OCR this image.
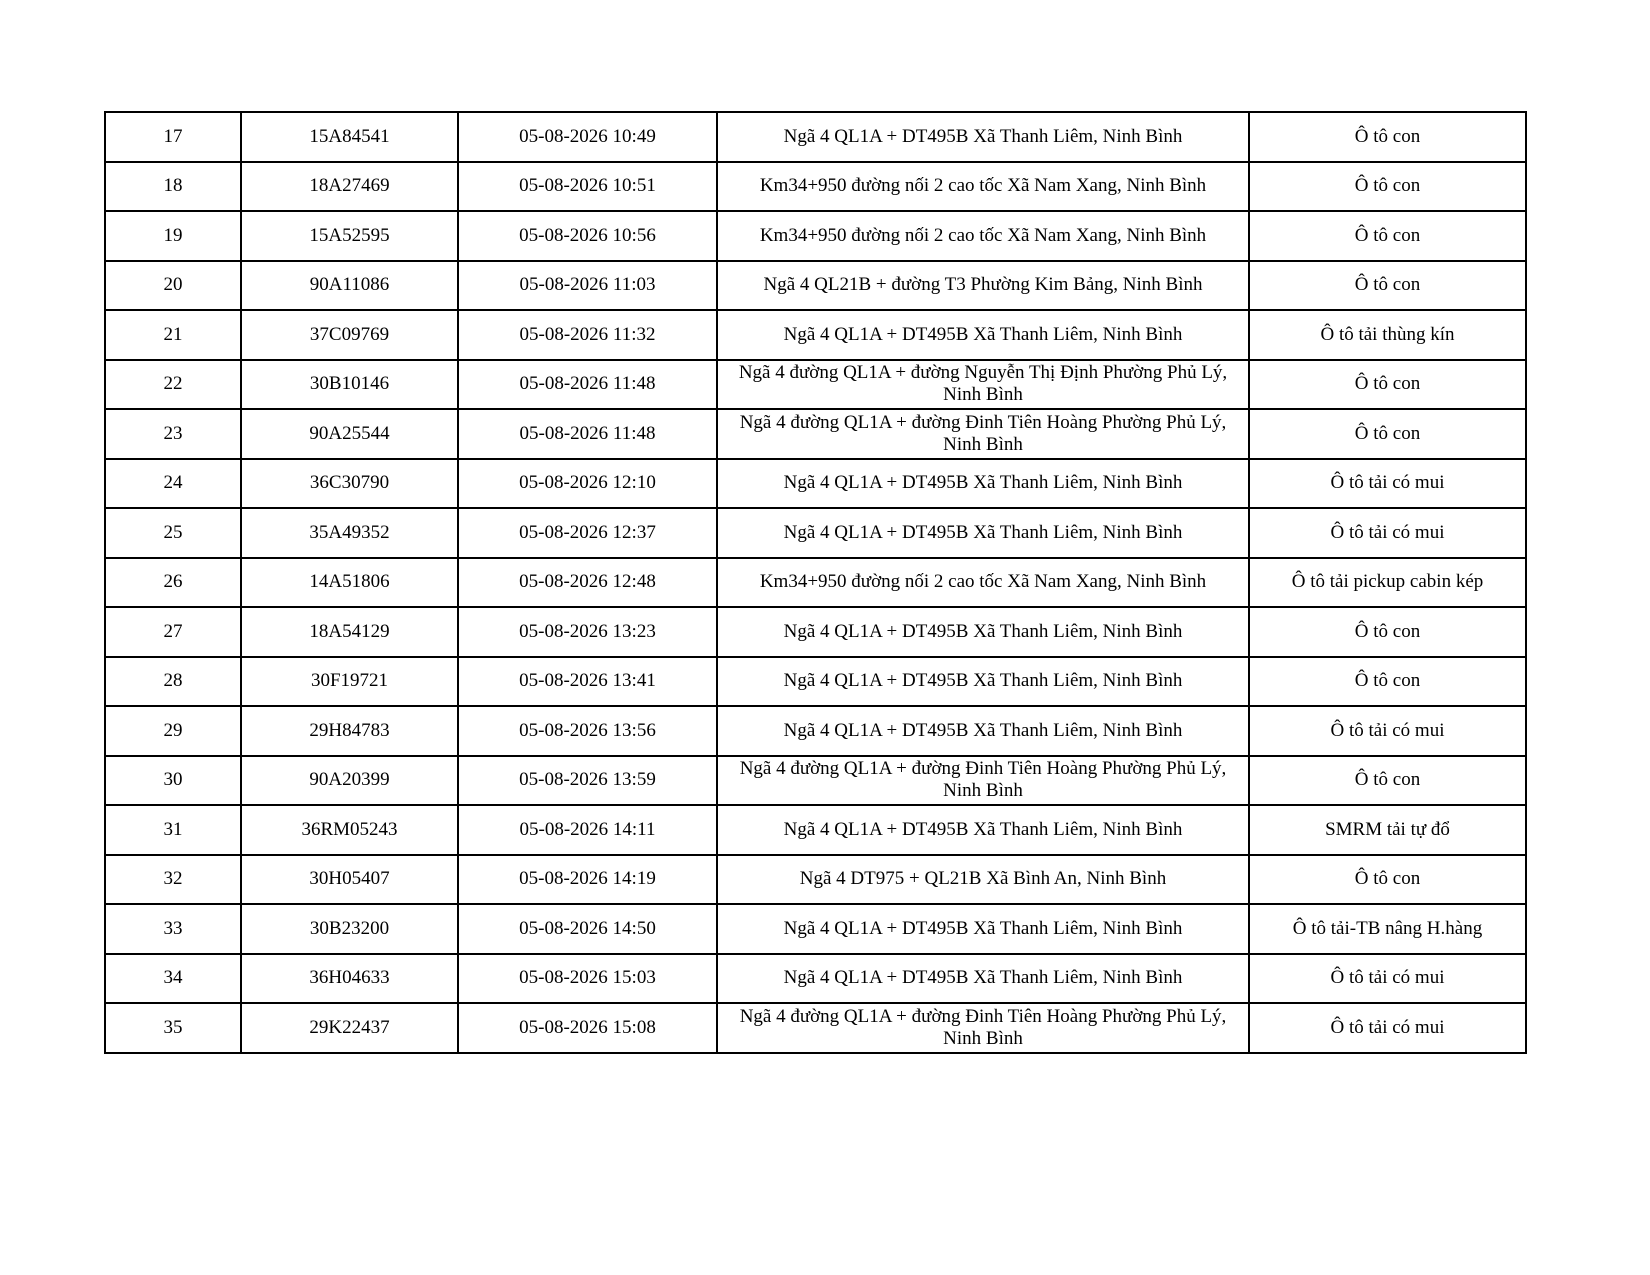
17	15A84541	05-08-2026 10:49	Ngã 4 QL1A + DT495B Xã Thanh Liêm, Ninh Bình	Ô tô con
18	18A27469	05-08-2026 10:51	Km34+950 đường nối 2 cao tốc Xã Nam Xang, Ninh Bình	Ô tô con
19	15A52595	05-08-2026 10:56	Km34+950 đường nối 2 cao tốc Xã Nam Xang, Ninh Bình	Ô tô con
20	90A11086	05-08-2026 11:03	Ngã 4 QL21B + đường T3 Phường Kim Bảng, Ninh Bình	Ô tô con
21	37C09769	05-08-2026 11:32	Ngã 4 QL1A + DT495B Xã Thanh Liêm, Ninh Bình	Ô tô tải thùng kín
22	30B10146	05-08-2026 11:48	Ngã 4 đường QL1A + đường Nguyễn Thị Định Phường Phủ Lý, Ninh Bình	Ô tô con
23	90A25544	05-08-2026 11:48	Ngã 4 đường QL1A + đường Đinh Tiên Hoàng Phường Phủ Lý, Ninh Bình	Ô tô con
24	36C30790	05-08-2026 12:10	Ngã 4 QL1A + DT495B Xã Thanh Liêm, Ninh Bình	Ô tô tải có mui
25	35A49352	05-08-2026 12:37	Ngã 4 QL1A + DT495B Xã Thanh Liêm, Ninh Bình	Ô tô tải có mui
26	14A51806	05-08-2026 12:48	Km34+950 đường nối 2 cao tốc Xã Nam Xang, Ninh Bình	Ô tô tải pickup cabin kép
27	18A54129	05-08-2026 13:23	Ngã 4 QL1A + DT495B Xã Thanh Liêm, Ninh Bình	Ô tô con
28	30F19721	05-08-2026 13:41	Ngã 4 QL1A + DT495B Xã Thanh Liêm, Ninh Bình	Ô tô con
29	29H84783	05-08-2026 13:56	Ngã 4 QL1A + DT495B Xã Thanh Liêm, Ninh Bình	Ô tô tải có mui
30	90A20399	05-08-2026 13:59	Ngã 4 đường QL1A + đường Đinh Tiên Hoàng Phường Phủ Lý, Ninh Bình	Ô tô con
31	36RM05243	05-08-2026 14:11	Ngã 4 QL1A + DT495B Xã Thanh Liêm, Ninh Bình	SMRM tải tự đổ
32	30H05407	05-08-2026 14:19	Ngã 4 DT975 + QL21B Xã Bình An, Ninh Bình	Ô tô con
33	30B23200	05-08-2026 14:50	Ngã 4 QL1A + DT495B Xã Thanh Liêm, Ninh Bình	Ô tô tải-TB nâng H.hàng
34	36H04633	05-08-2026 15:03	Ngã 4 QL1A + DT495B Xã Thanh Liêm, Ninh Bình	Ô tô tải có mui
35	29K22437	05-08-2026 15:08	Ngã 4 đường QL1A + đường Đinh Tiên Hoàng Phường Phủ Lý, Ninh Bình	Ô tô tải có mui
